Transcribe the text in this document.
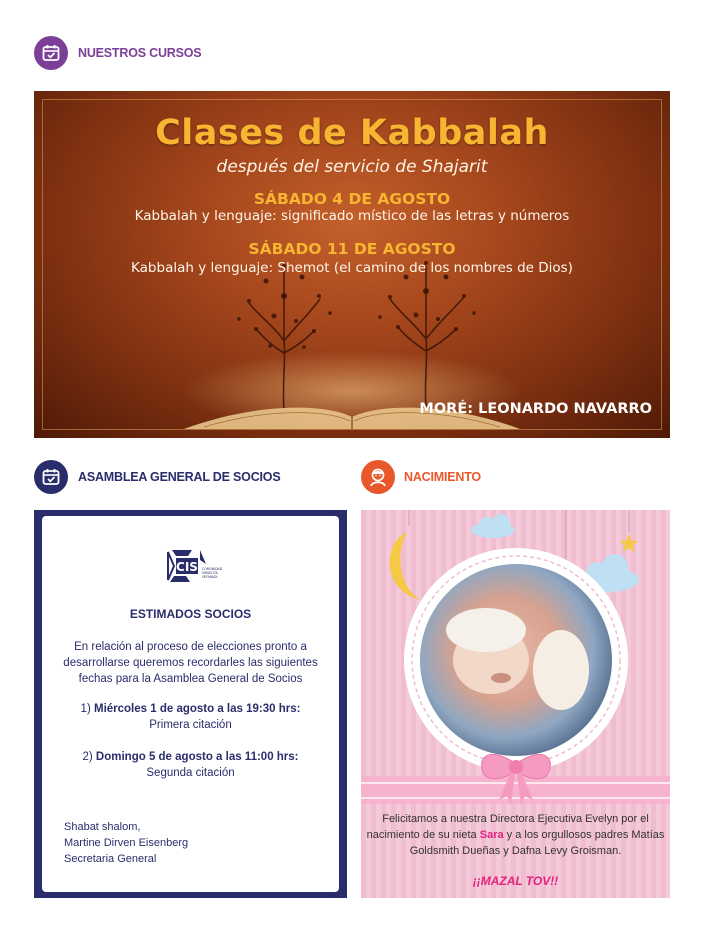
NUESTROS CURSOS
Clases de Kabbalah
después del servicio de Shajarit
SÁBADO 4 DE AGOSTO
Kabbalah y lenguaje: significado místico de las letras y números
SÁBADO 11 DE AGOSTO
Kabbalah y lenguaje: Shemot (el camino de los nombres de Dios)
MORÉ: LEONARDO NAVARRO
ASAMBLEA GENERAL DE SOCIOS
CIS COMUNIDAD
ISRAELITA
SEFARADI
ESTIMADOS SOCIOS
En relación al proceso de elecciones pronto a
desarrollarse queremos recordarles las siguientes
fechas para la Asamblea General de Socios
1) Miércoles 1 de agosto a las 19:30 hrs:
Primera citación
2) Domingo 5 de agosto a las 11:00 hrs:
Segunda citación
Shabat shalom,
Martine Dirven Eisenberg
Secretaria General
NACIMIENTO
Felicitamos a nuestra Directora Ejecutiva Evelyn por el
nacimiento de su nieta Sara y a los orgullosos padres Matías
Goldsmith Dueñas y Dafna Levy Groisman.
¡¡MAZAL TOV!!
